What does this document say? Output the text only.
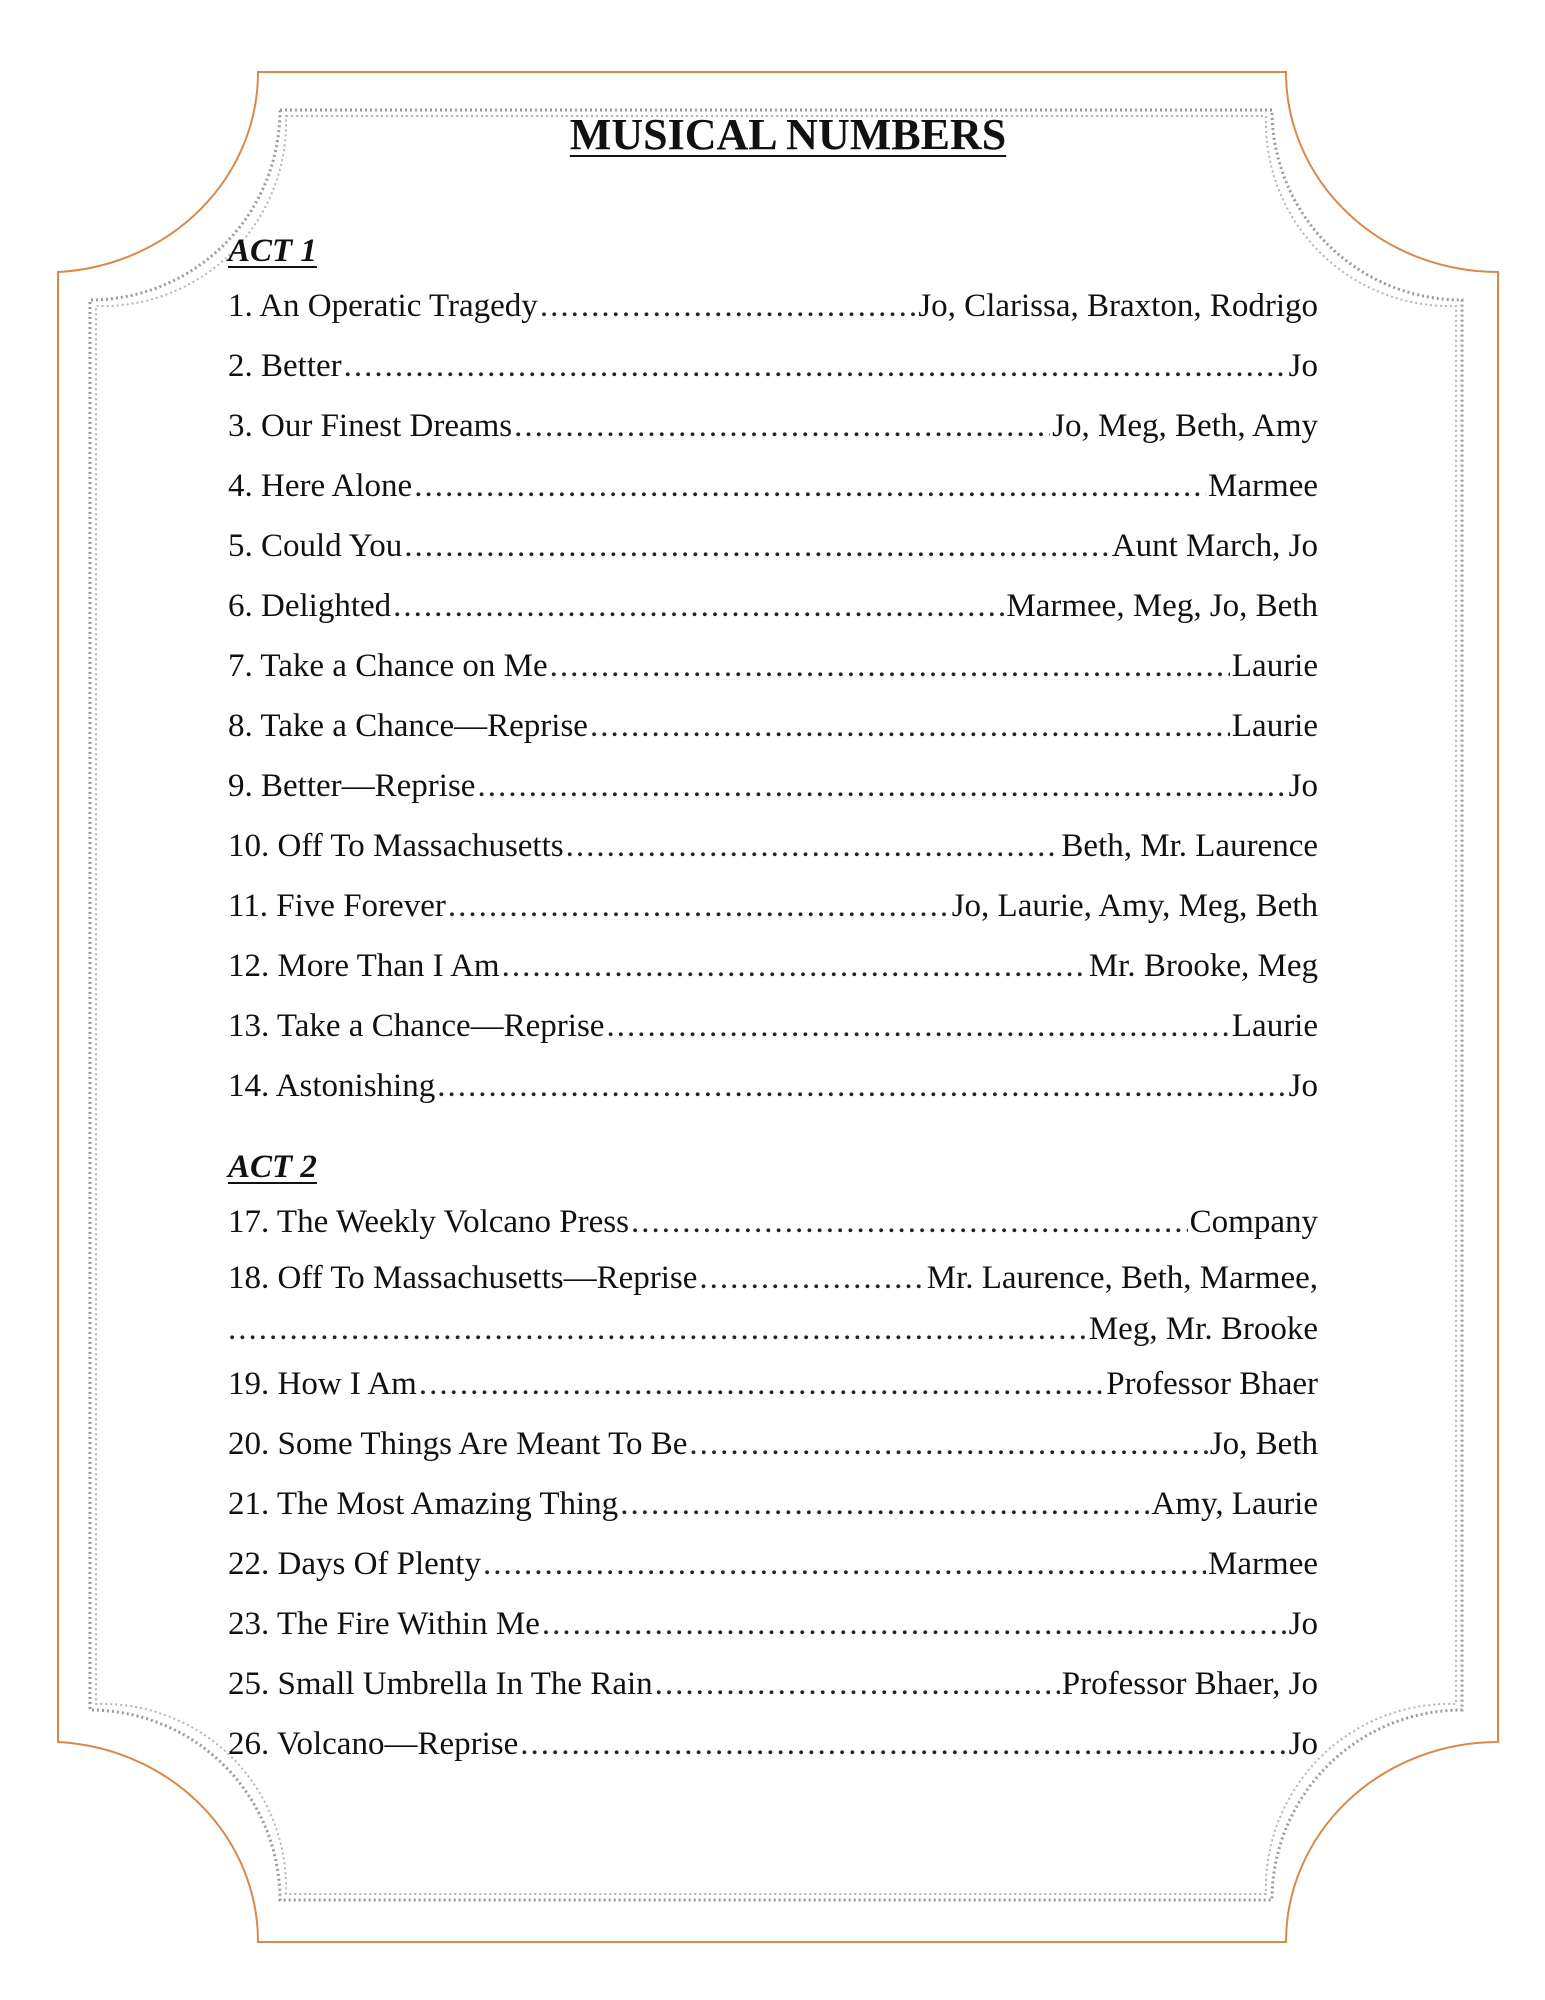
MUSICAL NUMBERS
ACT 1
1. An Operatic Tragedy .....	Jo, Clarissa, Braxton, Rodrigo
2. Better .....	Jo
3. Our Finest Dreams .....	Jo, Meg, Beth, Amy
4. Here Alone .....	Marmee
5. Could You .....	Aunt March, Jo
6. Delighted .....	Marmee, Meg, Jo, Beth
7. Take a Chance on Me .....	Laurie
8. Take a Chance—Reprise .....	Laurie
9. Better—Reprise .....	Jo
10. Off To Massachusetts .....	Beth, Mr. Laurence
11. Five Forever .....	Jo, Laurie, Amy, Meg, Beth
12. More Than I Am .....	Mr. Brooke, Meg
13. Take a Chance—Reprise .....	Laurie
14. Astonishing .....	Jo
ACT 2
17. The Weekly Volcano Press .....	Company
18. Off To Massachusetts—Reprise .....	Mr. Laurence, Beth, Marmee,
.....
Meg, Mr. Brooke
19. How I Am .....	Professor Bhaer
20. Some Things Are Meant To Be .....	Jo, Beth
21. The Most Amazing Thing .....	Amy, Laurie
22. Days Of Plenty .....	Marmee
23. The Fire Within Me .....	Jo
25. Small Umbrella In The Rain .....	Professor Bhaer, Jo
26. Volcano—Reprise .....	Jo
